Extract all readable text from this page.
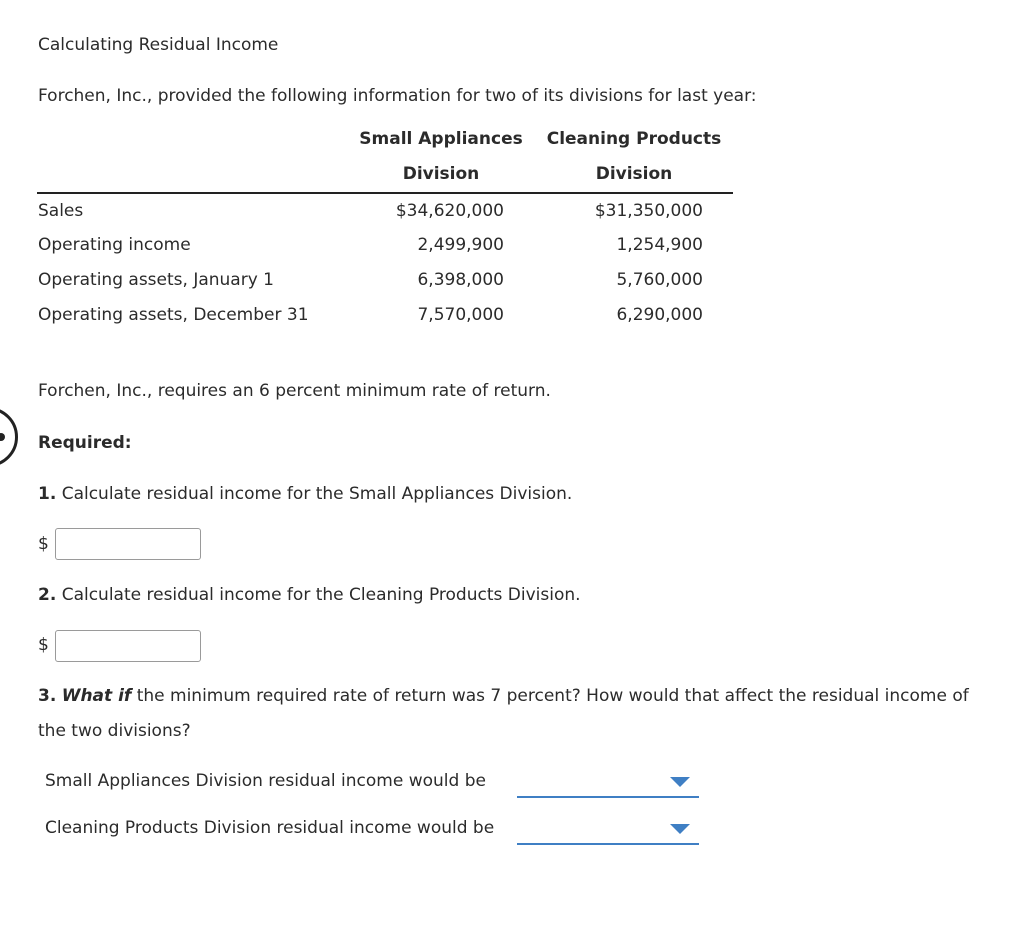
Calculating Residual Income
Forchen, Inc., provided the following information for two of its divisions for last year:
Small Appliances
Division
Cleaning Products
Division
Sales	$34,620,000	$31,350,000
Operating income	2,499,900	1,254,900
Operating assets, January 1	6,398,000	5,760,000
Operating assets, December 31	7,570,000	6,290,000
Forchen, Inc., requires an 6 percent minimum rate of return.
Required:
1. Calculate residual income for the Small Appliances Division.
$
2. Calculate residual income for the Cleaning Products Division.
$
3. What if the minimum required rate of return was 7 percent? How would that affect the residual income of
the two divisions?
Small Appliances Division residual income would be
Cleaning Products Division residual income would be
